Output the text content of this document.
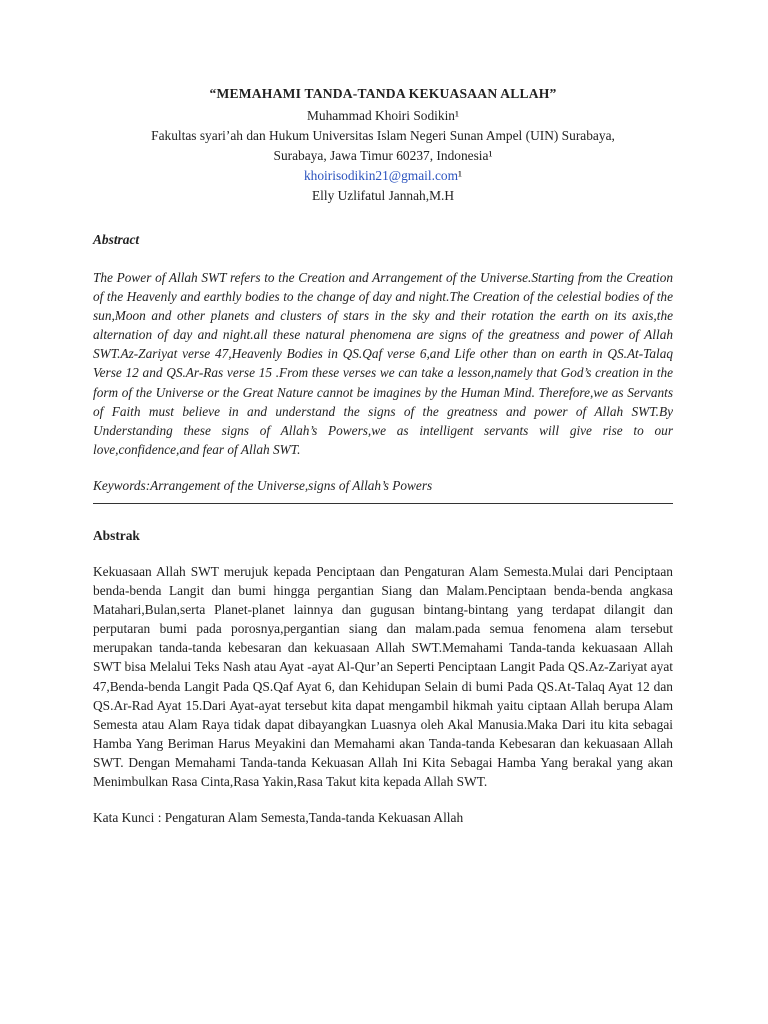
“MEMAHAMI TANDA-TANDA KEKUASAAN ALLAH”
Muhammad Khoiri Sodikin¹
Fakultas syari’ah dan Hukum Universitas Islam Negeri Sunan Ampel (UIN) Surabaya,
Surabaya, Jawa Timur 60237, Indonesia¹
khoirisodikin21@gmail.com¹
Elly Uzlifatul Jannah,M.H
Abstract
The Power of Allah SWT refers to the Creation and Arrangement of the Universe.Starting from the Creation of the Heavenly and earthly bodies to the change of day and night.The Creation of the celestial bodies of the sun,Moon and other planets and clusters of stars in the sky and their rotation the earth on its axis,the alternation of day and night.all these natural phenomena are signs of the greatness and power of Allah SWT.Az-Zariyat verse 47,Heavenly Bodies in QS.Qaf verse 6,and Life other than on earth in QS.At-Talaq Verse 12 and QS.Ar-Ras verse 15 .From these verses we can take a lesson,namely that God’s creation in the form of the Universe or the Great Nature cannot be imagines by the Human Mind. Therefore,we as Servants of Faith must believe in and understand the signs of the greatness and power of Allah SWT.By Understanding these signs of Allah’s Powers,we as intelligent servants will give rise to our love,confidence,and fear of Allah SWT.
Keywords:Arrangement of the Universe,signs of Allah’s Powers
Abstrak
Kekuasaan Allah SWT merujuk kepada Penciptaan dan Pengaturan Alam Semesta.Mulai dari Penciptaan benda-benda Langit dan bumi hingga pergantian Siang dan Malam.Penciptaan benda-benda angkasa Matahari,Bulan,serta Planet-planet lainnya dan gugusan bintang-bintang yang terdapat dilangit dan perputaran bumi pada porosnya,pergantian siang dan malam.pada semua fenomena alam tersebut merupakan tanda-tanda kebesaran dan kekuasaan Allah SWT.Memahami Tanda-tanda kekuasaan Allah SWT bisa Melalui Teks Nash atau Ayat -ayat Al-Qur’an Seperti Penciptaan Langit Pada QS.Az-Zariyat ayat 47,Benda-benda Langit Pada QS.Qaf Ayat 6, dan Kehidupan Selain di bumi Pada QS.At-Talaq Ayat 12 dan QS.Ar-Rad Ayat 15.Dari Ayat-ayat tersebut kita dapat mengambil hikmah yaitu ciptaan Allah berupa Alam Semesta atau Alam Raya tidak dapat dibayangkan Luasnya oleh Akal Manusia.Maka Dari itu kita sebagai Hamba Yang Beriman Harus Meyakini dan Memahami akan Tanda-tanda Kebesaran dan kekuasaan Allah SWT. Dengan Memahami Tanda-tanda Kekuasan Allah Ini Kita Sebagai Hamba Yang berakal yang akan Menimbulkan Rasa Cinta,Rasa Yakin,Rasa Takut kita kepada Allah SWT.
Kata Kunci : Pengaturan Alam Semesta,Tanda-tanda Kekuasan Allah
